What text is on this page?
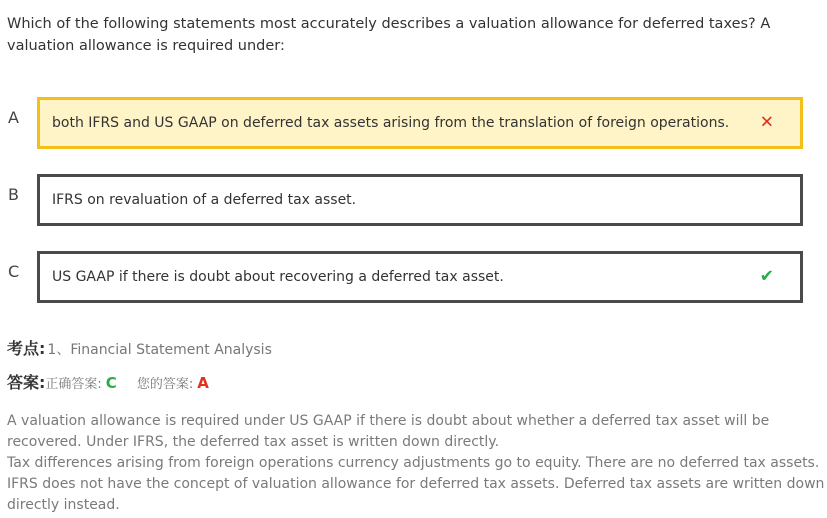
Which of the following statements most accurately describes a valuation allowance for deferred taxes? A valuation allowance is required under:
A both IFRS and US GAAP on deferred tax assets arising from the translation of foreign operations. ✕
B IFRS on revaluation of a deferred tax asset.
C US GAAP if there is doubt about recovering a deferred tax asset.	✔
考点: 1、Financial Statement Analysis
答案: 正确答案: C 您的答案: A

A valuation allowance is required under US GAAP if there is doubt about whether a deferred tax asset will be recovered. Under IFRS, the deferred tax asset is written down directly.

Tax differences arising from foreign operations currency adjustments go to equity. There are no deferred tax assets. IFRS does not have the concept of valuation allowance for deferred tax assets. Deferred tax assets are written down directly instead.
